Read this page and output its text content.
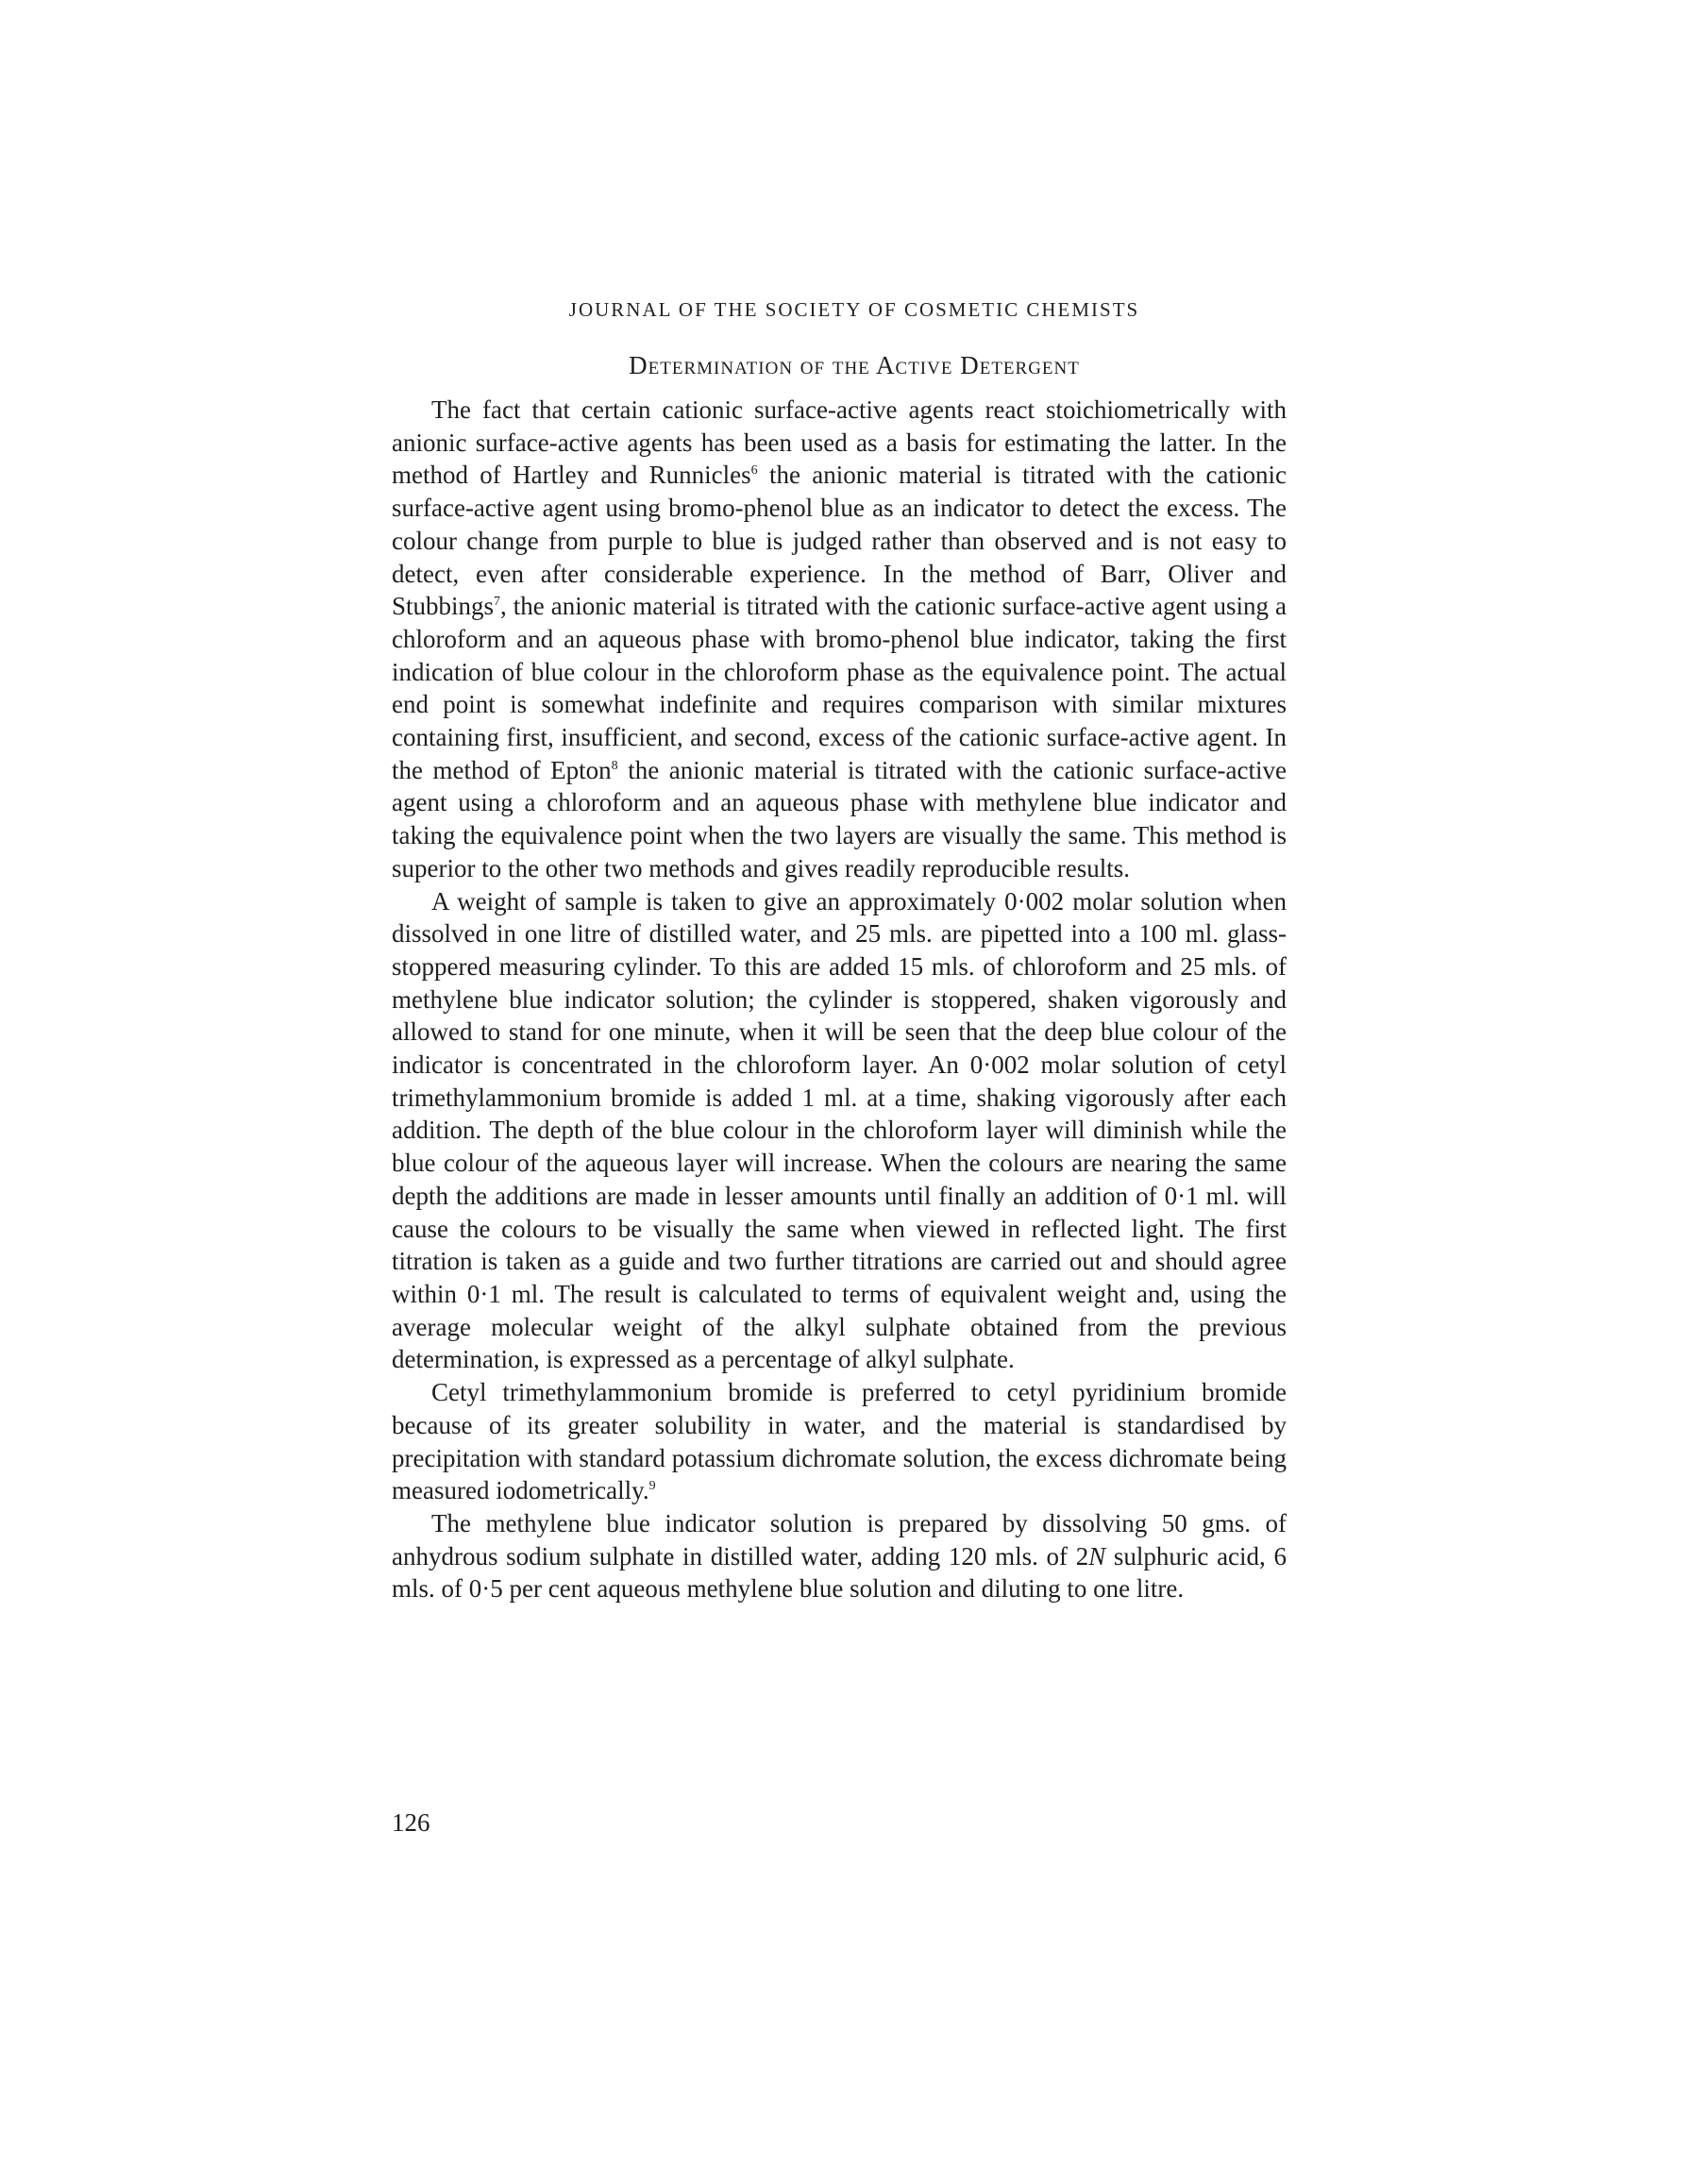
JOURNAL OF THE SOCIETY OF COSMETIC CHEMISTS
Determination of the Active Detergent

The fact that certain cationic surface-active agents react stoichiometrically with anionic surface-active agents has been used as a basis for estimating the latter. In the method of Hartley and Runnicles$^6$ the anionic material is titrated with the cationic surface-active agent using bromo-phenol blue as an indicator to detect the excess. The colour change from purple to blue is judged rather than observed and is not easy to detect, even after considerable experience. In the method of Barr, Oliver and Stubbings$^7$, the anionic material is titrated with the cationic surface-active agent using a chloroform and an aqueous phase with bromo-phenol blue indicator, taking the first indication of blue colour in the chloroform phase as the equivalence point. The actual end point is somewhat indefinite and requires comparison with similar mixtures containing first, insufficient, and second, excess of the cationic surface-active agent. In the method of Epton$^8$ the anionic material is titrated with the cationic surface-active agent using a chloroform and an aqueous phase with methylene blue indicator and taking the equivalence point when the two layers are visually the same. This method is superior to the other two methods and gives readily reproducible results.

A weight of sample is taken to give an approximately 0·002 molar solution when dissolved in one litre of distilled water, and 25 mls. are pipetted into a 100 ml. glass-stoppered measuring cylinder. To this are added 15 mls. of chloroform and 25 mls. of methylene blue indicator solution; the cylinder is stoppered, shaken vigorously and allowed to stand for one minute, when it will be seen that the deep blue colour of the indicator is concentrated in the chloroform layer. An 0·002 molar solution of cetyl trimethylammonium bromide is added 1 ml. at a time, shaking vigorously after each addition. The depth of the blue colour in the chloroform layer will diminish while the blue colour of the aqueous layer will increase. When the colours are nearing the same depth the additions are made in lesser amounts until finally an addition of 0·1 ml. will cause the colours to be visually the same when viewed in reflected light. The first titration is taken as a guide and two further titrations are carried out and should agree within 0·1 ml. The result is calculated to terms of equivalent weight and, using the average molecular weight of the alkyl sulphate obtained from the previous determination, is expressed as a percentage of alkyl sulphate.

Cetyl trimethylammonium bromide is preferred to cetyl pyridinium bromide because of its greater solubility in water, and the material is standardised by precipitation with standard potassium dichromate solution, the excess dichromate being measured iodometrically.$^9$

The methylene blue indicator solution is prepared by dissolving 50 gms. of anhydrous sodium sulphate in distilled water, adding 120 mls. of 2N sulphuric acid, 6 mls. of 0·5 per cent aqueous methylene blue solution and diluting to one litre.

126
